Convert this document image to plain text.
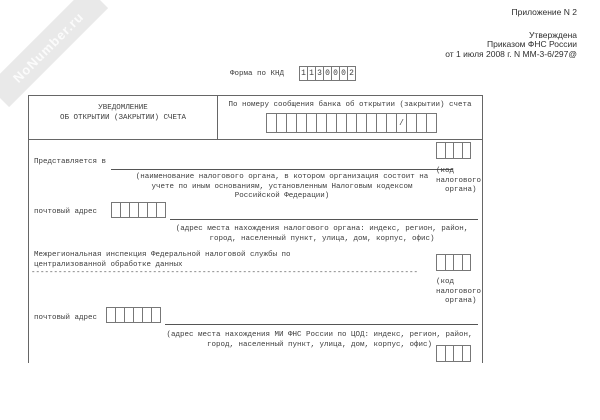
NoNumber.ru	Приложение N 2
Утверждена
Приказом ФНС России
от 1 июля 2008 г. N ММ-3-6/297@
Форма по КНД 1 1 3 0 0 0 2
УВЕДОМЛЕНИЕ
ОБ ОТКРЫТИИ (ЗАКРЫТИИ) СЧЕТА
По номеру сообщения банка об открытии (закрытии) счета
/
Представляется в
(наименование налогового органа, в котором организация состоит на
учете по иным основаниям, установленным Налоговым кодексом
Российской Федерации)
(код
налогового
органа)
почтовый адрес
(адрес места нахождения налогового органа: индекс, регион, район,
город, населенный пункт, улица, дом, корпус, офис)
Межрегиональная инспекция Федеральной налоговой службы по
централизованной обработке данных
--------------------------------------------------------------------------------------
(код
налогового
органа)
почтовый адрес
(адрес места нахождения МИ ФНС России по ЦОД: индекс, регион, район,
город, населенный пункт, улица, дом, корпус, офис)
